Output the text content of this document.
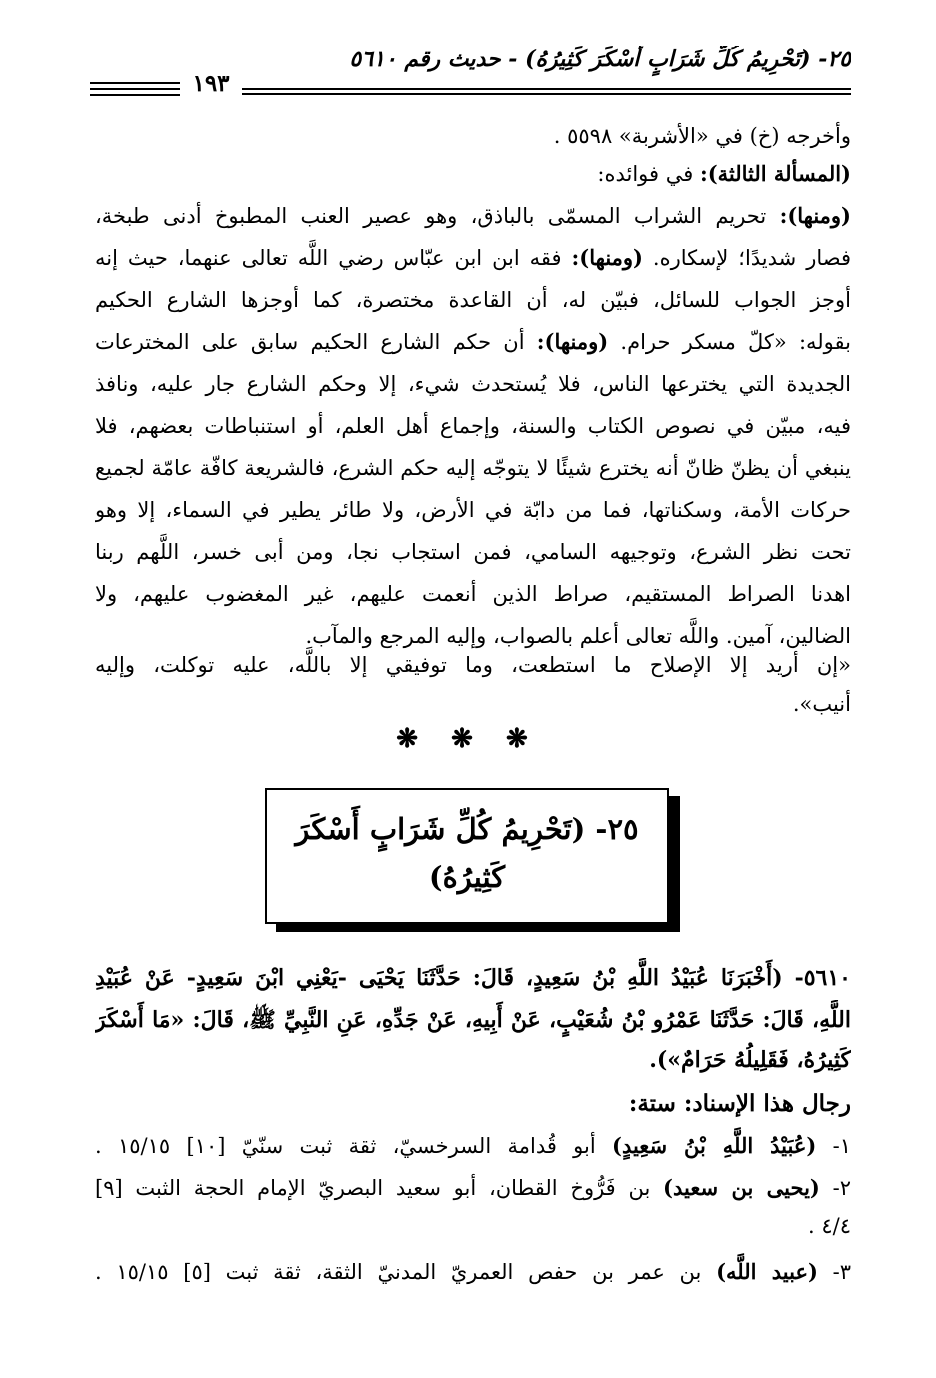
٢٥- (تَحْرِيمُ كُلِّ شَرَابٍ أَسْكَرَ كَثِيرُهُ) - حديث رقم ٥٦١٠
١٩٣
وأخرجه (خ) في «الأشربة» ٥٥٩٨ .
(المسألة الثالثة): في فوائده:
(ومنها): تحريم الشراب المسمّى بالباذق، وهو عصير العنب المطبوخ أدنى طبخة،
فصار شديدًا؛ لإسكاره. (ومنها): فقه ابن ابن عبّاس رضي اللَّه تعالى عنهما، حيث إنه
أوجز الجواب للسائل، فبيّن له، أن القاعدة مختصرة، كما أوجزها الشارع الحكيم
بقوله: «كلّ مسكر حرام. (ومنها): أن حكم الشارع الحكيم سابق على المخترعات
الجديدة التي يخترعها الناس، فلا يُستحدث شيء، إلا وحكم الشارع جار عليه، ونافذ
فيه، مبيّن في نصوص الكتاب والسنة، وإجماع أهل العلم، أو استنباطات بعضهم، فلا
ينبغي أن يظنّ ظانّ أنه يخترع شيئًا لا يتوجّه إليه حكم الشرع، فالشريعة كافّة عامّة لجميع
حركات الأمة، وسكناتها، فما من دابّة في الأرض، ولا طائر يطير في السماء، إلا وهو
تحت نظر الشرع، وتوجيهه السامي، فمن استجاب نجا، ومن أبى خسر، اللَّهم ربنا
اهدنا الصراط المستقيم، صراط الذين أنعمت عليهم، غير المغضوب عليهم، ولا
الضالين، آمين. واللَّه تعالى أعلم بالصواب، وإليه المرجع والمآب.
«إن أريد إلا الإصلاح ما استطعت، وما توفيقي إلا باللَّه، عليه توكلت، وإليه
أنيب».
❋ ❋ ❋
٢٥- (تَحْرِيمُ كُلِّ شَرَابٍ أَسْكَرَ
كَثِيرُهُ)
٥٦١٠- (أَخْبَرَنَا عُبَيْدُ اللَّهِ بْنُ سَعِيدٍ، قَالَ: حَدَّثَنَا يَحْيَى -يَعْنِي ابْنَ سَعِيدٍ- عَنْ عُبَيْدِ
اللَّهِ، قَالَ: حَدَّثَنَا عَمْرُو بْنُ شُعَيْبٍ، عَنْ أَبِيهِ، عَنْ جَدِّهِ، عَنِ النَّبِيِّ ﷺ، قَالَ: «مَا أَسْكَرَ
كَثِيرُهُ، فَقَلِيلُهُ حَرَامٌ»).
رجال هذا الإسناد: ستة:
١- (عُبَيْدُ اللَّهِ بْنُ سَعِيدٍ) أبو قُدامة السرخسيّ، ثقة ثبت سنّيّ [١٠] ١٥/١٥ .
٢- (يحيى بن سعيد) بن فَرُّوخ القطان، أبو سعيد البصريّ الإمام الحجة الثبت [٩]
٤/٤ .
٣- (عبيد اللَّه) بن عمر بن حفص العمريّ المدنيّ الثقة، ثقة ثبت [٥] ١٥/١٥ .
